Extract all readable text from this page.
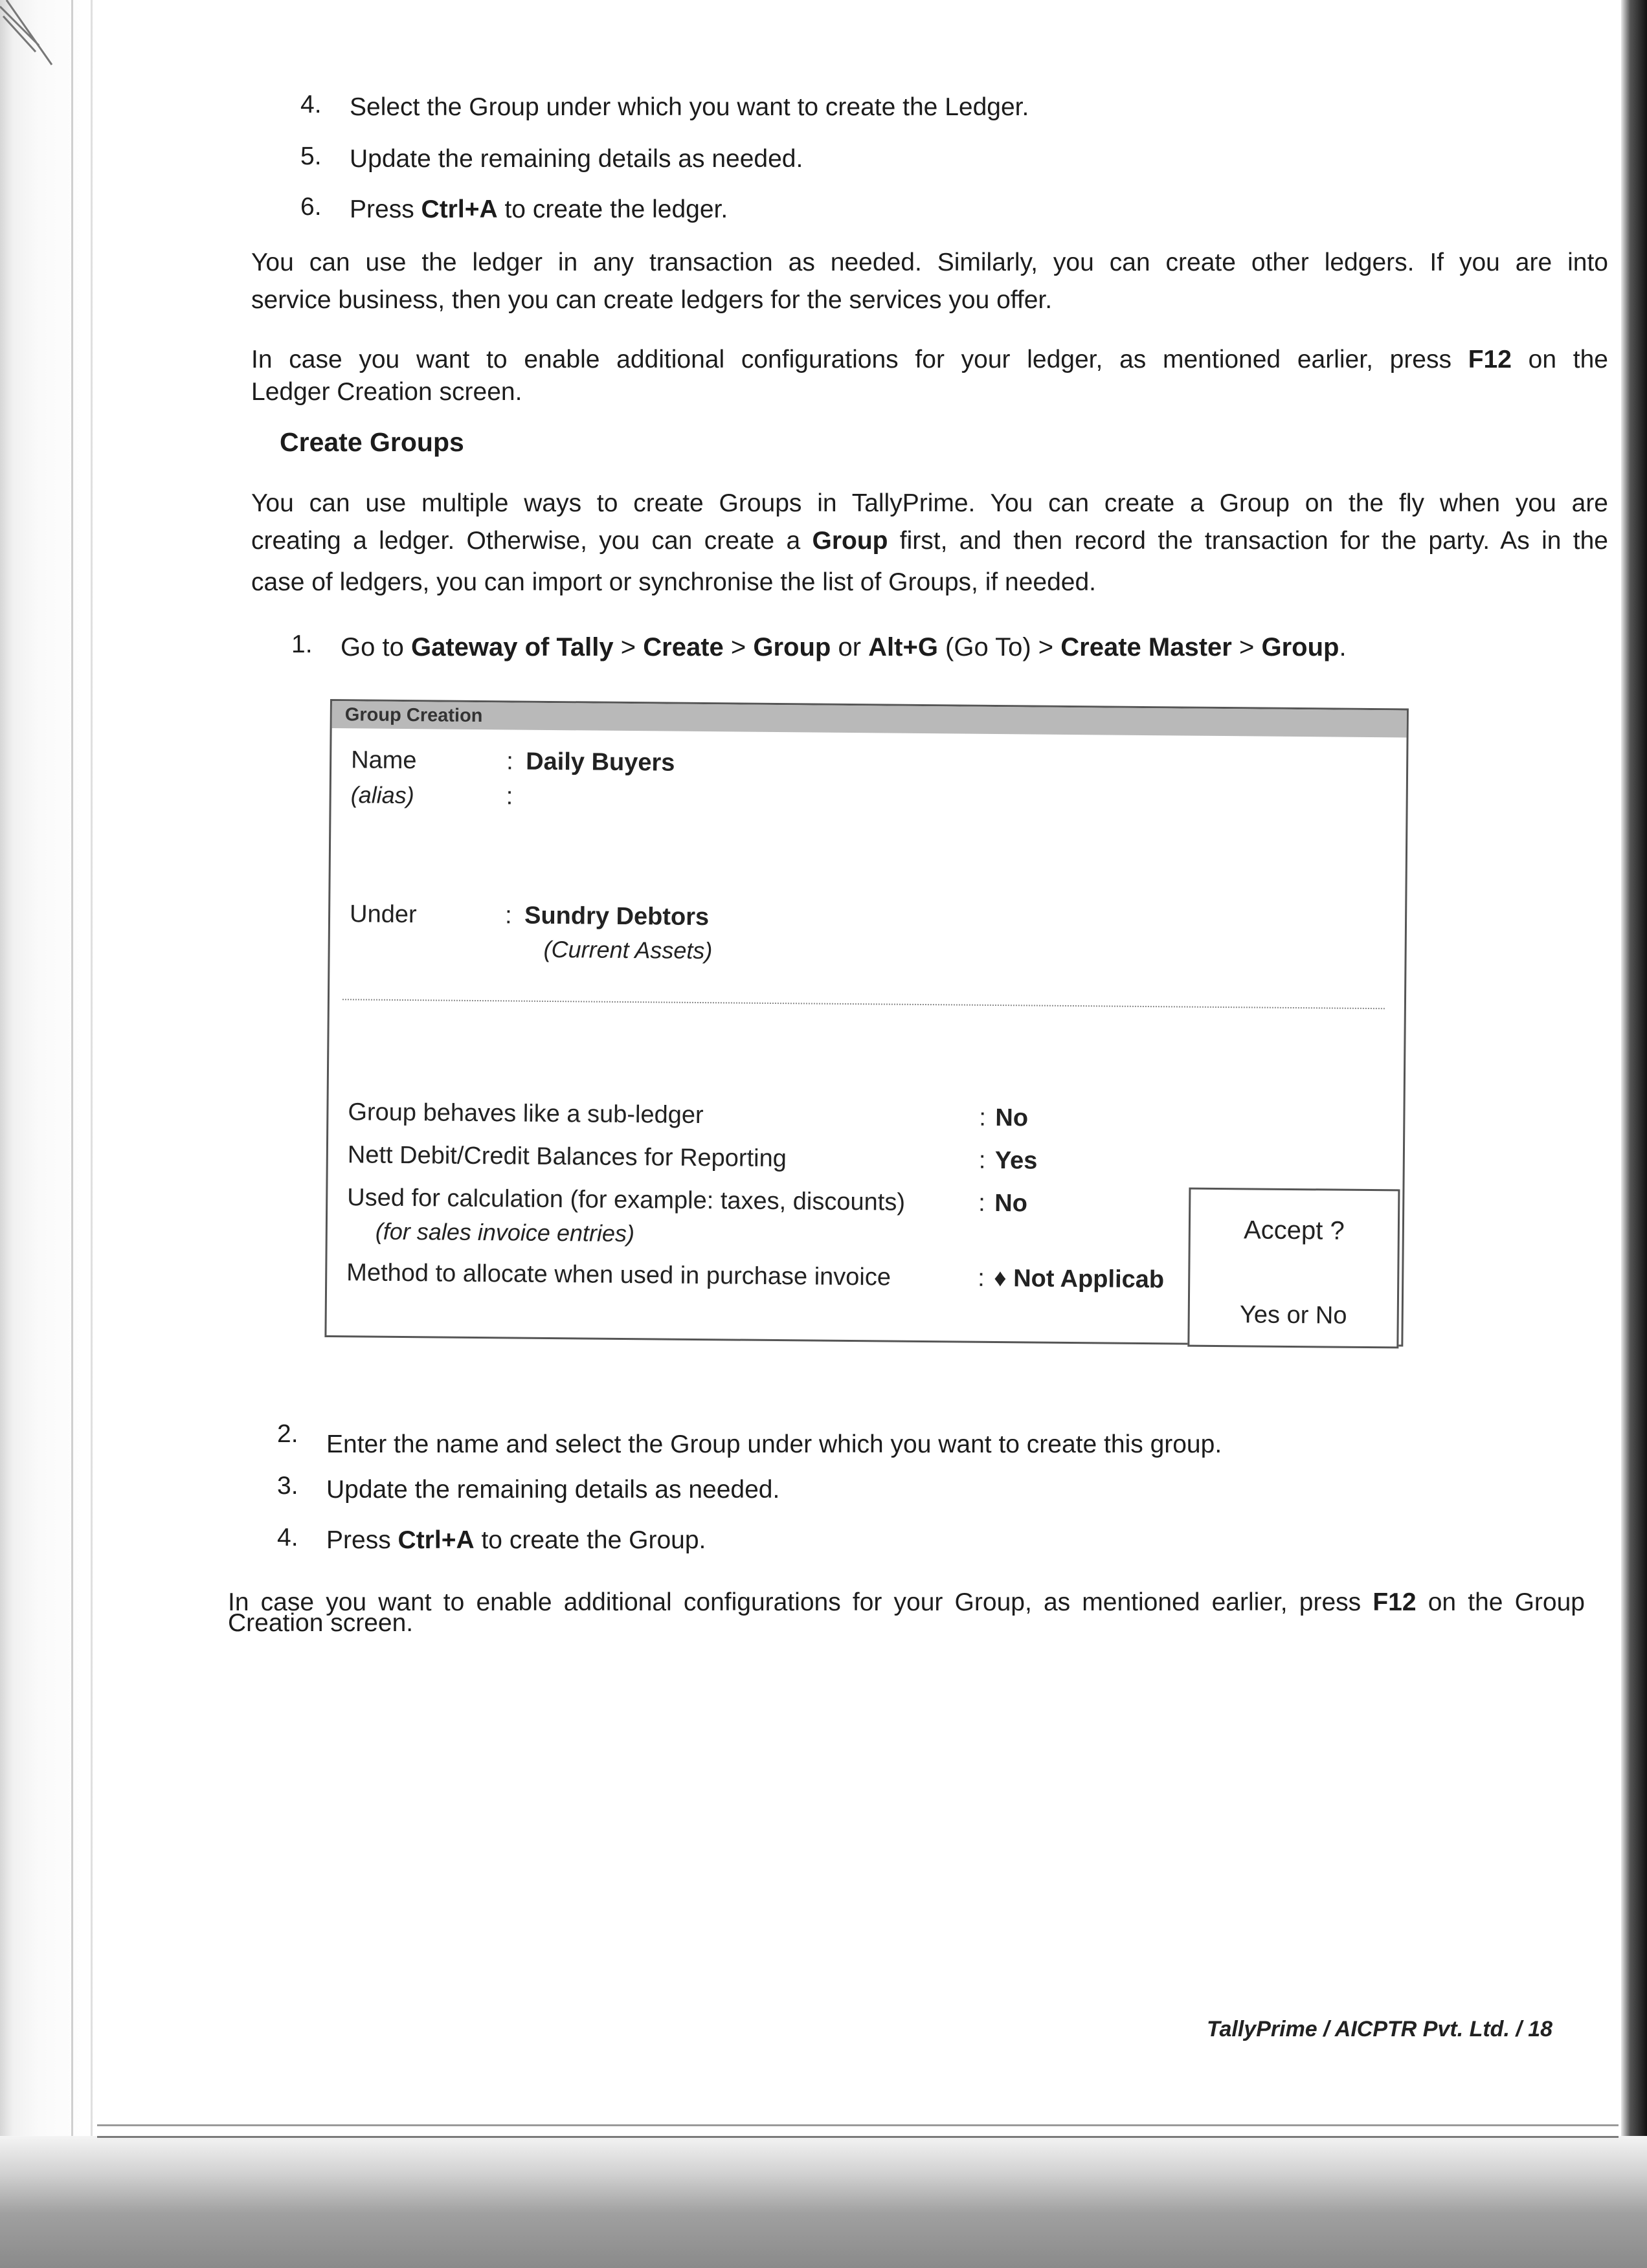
4. Select the Group under which you want to create the Ledger.
5. Update the remaining details as needed.
6. Press Ctrl+A to create the ledger.
You can use the ledger in any transaction as needed. Similarly, you can create other ledgers. If you are into
service business, then you can create ledgers for the services you offer.
In case you want to enable additional configurations for your ledger, as mentioned earlier, press F12 on the
Ledger Creation screen.
Create Groups
You can use multiple ways to create Groups in TallyPrime. You can create a Group on the fly when you are
creating a ledger. Otherwise, you can create a Group first, and then record the transaction for the party. As in the
case of ledgers, you can import or synchronise the list of Groups, if needed.
1. Go to Gateway of Tally > Create > Group or Alt+G (Go To) > Create Master > Group.
Group Creation
Name	: Daily Buyers
(alias)	:
Under	: Sundry Debtors
(Current Assets)
Group behaves like a sub-ledger	: No
Nett Debit/Credit Balances for Reporting	: Yes
Used for calculation (for example: taxes, discounts)	: No
(for sales invoice entries)
Method to allocate when used in purchase invoice	: ♦ Not Applicab
Accept ?
Yes or No
2. Enter the name and select the Group under which you want to create this group.
3. Update the remaining details as needed.
4. Press Ctrl+A to create the Group.
In case you want to enable additional configurations for your Group, as mentioned earlier, press F12 on the Group
Creation screen.
TallyPrime / AICPTR Pvt. Ltd. / 18
